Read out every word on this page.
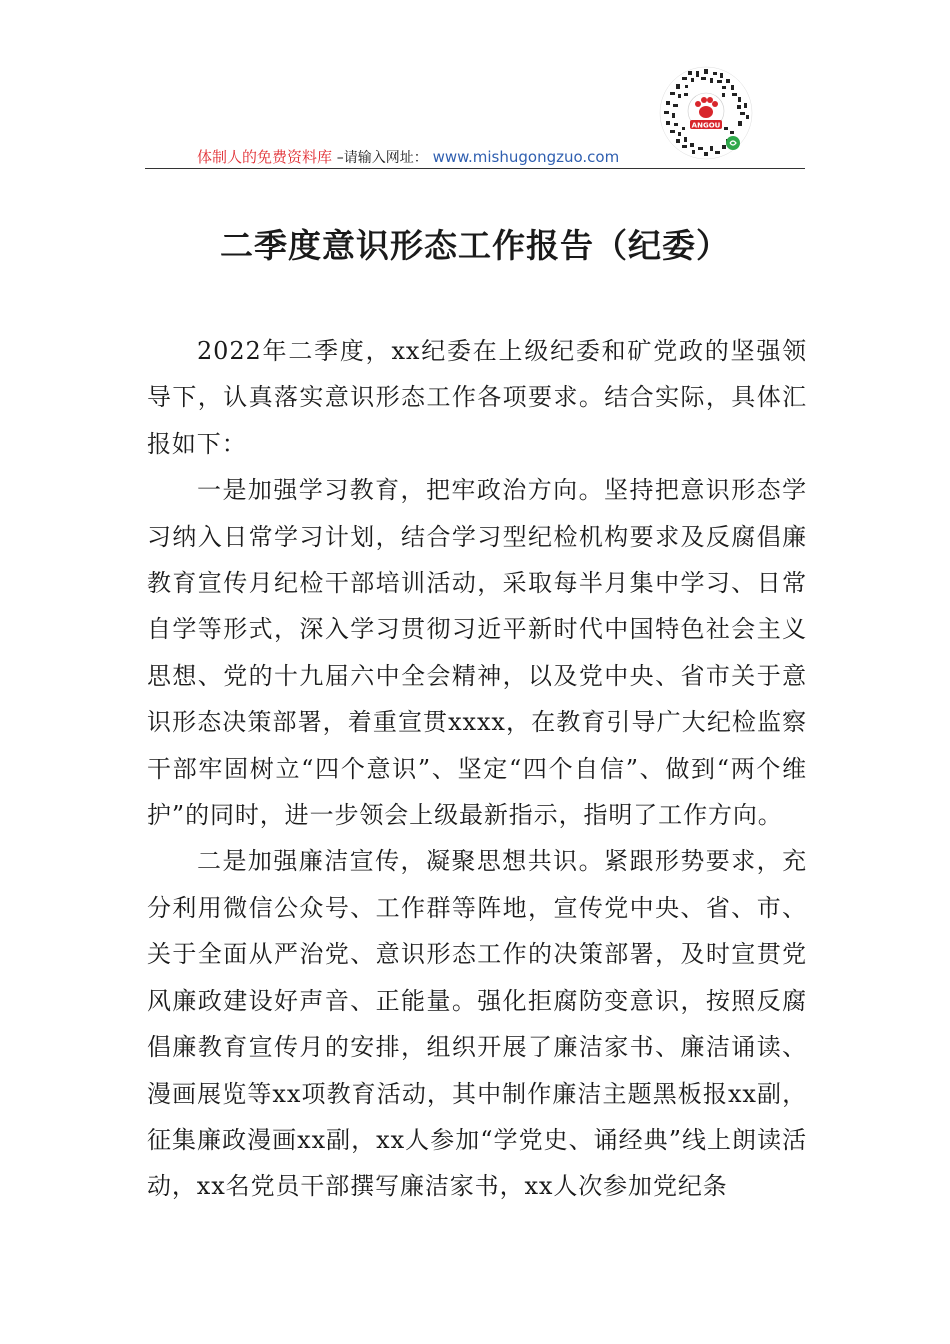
体制人的免费资料库 –请输入网址： www.mishugongzuo.com
ANGOU
二季度意识形态工作报告（纪委）

2022年二季度，xx纪委在上级纪委和矿党政的坚强领导下，认真落实意识形态工作各项要求。结合实际，具体汇报如下：

一是加强学习教育，把牢政治方向。坚持把意识形态学习纳入日常学习计划，结合学习型纪检机构要求及反腐倡廉教育宣传月纪检干部培训活动，采取每半月集中学习、日常自学等形式，深入学习贯彻习近平新时代中国特色社会主义思想、党的十九届六中全会精神，以及党中央、省市关于意识形态决策部署，着重宣贯xxxx，在教育引导广大纪检监察干部牢固树立“四个意识”、坚定“四个自信”、做到“两个维护”的同时，进一步领会上级最新指示，指明了工作方向。

二是加强廉洁宣传，凝聚思想共识。紧跟形势要求，充分利用微信公众号、工作群等阵地，宣传党中央、省、市、关于全面从严治党、意识形态工作的决策部署，及时宣贯党风廉政建设好声音、正能量。强化拒腐防变意识，按照反腐倡廉教育宣传月的安排，组织开展了廉洁家书、廉洁诵读、漫画展览等xx项教育活动，其中制作廉洁主题黑板报xx副，征集廉政漫画xx副，xx人参加“学党史、诵经典”线上朗读活动，xx名党员干部撰写廉洁家书，xx人次参加党纪条
